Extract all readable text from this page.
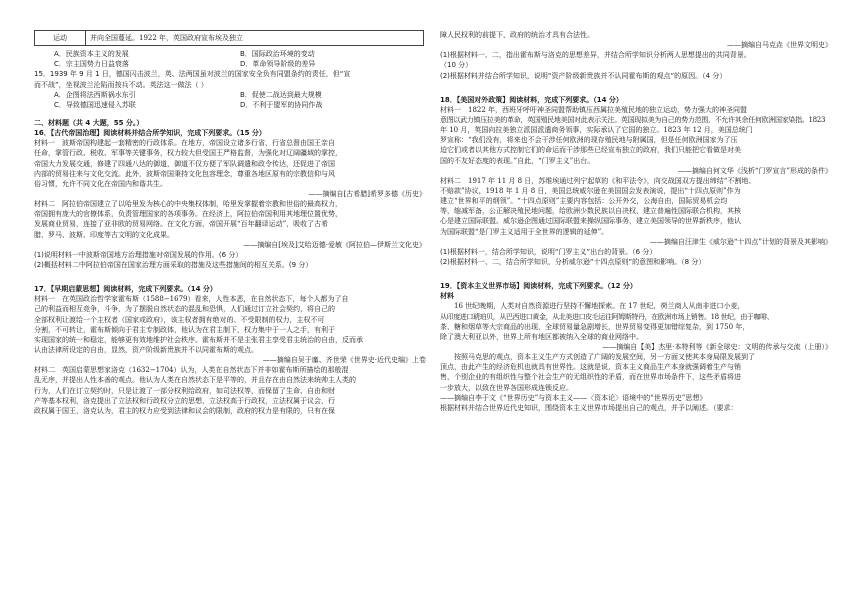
运动	并向全国蔓延。1922 年，英国政府宣布埃及独立
A．民族资本主义的发展	B．国际政治环境的变动
C．宗主国势力日益衰落	D．革命领导阶级的差异

15．1939 年 9 月 1 日，德国闪击波兰，英、法两国虽对波兰的国家安全负有同盟条约的责任，但“宣

而不战”，坐视波兰沦陷而按兵不动。英法这一做法（ ）

A．企图将法西斯祸水东引	B．促使二战达到最大规模
C．导致德国迅速侵入苏联	D．不利于盟军的协同作战

二、材料题（共 4 大题，55 分。）

16．【古代帝国治理】阅读材料并结合所学知识，完成下列要求。（15 分）

材料一　波斯帝国构建起一套精密的行政体系。在地方，帝国设立诸多行省，行省总督由国王亲自

任命，掌管行政、税收、军事等关键事务，权力较大但受国王严格监督，为强化对辽阔疆域的掌控，

帝国大力发展交通，修建了四通八达的御道，御道不仅方便了军队调遣和政令传达，还促进了帝国

内部的贸易往来与文化交流。此外，波斯帝国秉持文化包容理念，尊重各地区原有的宗教信仰与风

俗习惯，允许不同文化在帝国内和谐共生。

——摘编自[古希腊]希罗多德《历史》

材料二　阿拉伯帝国建立了以哈里发为核心的中央集权体制，哈里发掌握着宗教和世俗的最高权力，

帝国拥有庞大的官僚体系，负责管理国家的各项事务。在经济上，阿拉伯帝国利用其地理位置优势，

发展商业贸易，连接了亚非欧的贸易网络。在文化方面，帝国开展“百年翻译运动”，吸收了古希

腊、罗马、波斯、印度等古文明的文化成果。

——摘编自[埃及]艾哈迈德·爱敏《阿拉伯—伊斯兰文化史》

(1)说明材料一中波斯帝国地方治理措施对帝国发展的作用。(6 分）

(2)概括材料二中阿拉伯帝国在国家治理方面采取的措施及这些措施间的相互关系。(9 分）

17．【早期启蒙思想】阅读材料，完成下列要求。（14 分）

材料一　在英国政治哲学家霍布斯（1588−1679）看来，人性本恶，在自然状态下，每个人都为了自

己的利益而相互竞争，斗争，为了摆脱自然状态的混乱和恐惧，人们通过订立社会契约，将自己的

全部权利让渡给一个主权者（国家或政府），该主权者拥有绝对的、不受限制的权力，主权不可

分割，不可转让，霍布斯倾向于君主专制政体，他认为在君主制下，权力集中于一人之手，有利于

实现国家的统一和稳定，能够更有效地维护社会秩序。霍布斯并不是主张君主享受君主统治的自由，反而承

认由法律所设定的自由，显然，资产阶级新贵族并不以同霍布斯的观点。

——摘编自吴于廑、齐世荣《世界史·近代史编》上卷

材料二　英国启蒙思想家洛克（1632−1704）认为，人类在自然状态下并非如霍布斯所描绘的那般混

乱无序，并提出人性本善的观点。他认为人类在自然状态下是平等的，并且存在由自然法来统帅主人类的

行为，人们在订立契约时，只是让渡了一部分权利给政府，如司法权等，而保留了生命、自由和财

产等基本权利，洛克提出了立法权和行政权分立的思想，立法权高于行政权，立法权属于议会，行

政权属于国王，洛克认为，君主的权力应受到法律和议会的限制，政府的权力是有限的，只有在保

障人民权利的前提下，政府的统治才具有合法性。

——摘编自马克垚《世界文明史》

(1)根据材料一、二，指出霍布斯与洛克的思想差异，并结合所学知识分析两人思想提出的共同背景。

（10 分）

(2)根据材料并结合所学知识，说明“资产阶级新贵族并不认同霍布斯的观点”的原因。（4 分）

18．【美国对外政策】阅读材料，完成下列要求。（14 分）

材料一　1822 年，西班牙呼吁神圣同盟帮助镇压西属拉美殖民地的独立运动，势力强大的神圣同盟

意图以武力镇压拉美的革命，英国殖民地美国对此表示关注。英国现拟美为自己的势力范围，不允许其余任何欧洲国家染指。1823

年 10 月，英国向拉美独立派国派遣商务领事，实际承认了它国的独立。1823 年 12 月，美国总统门

罗宣称：“我们没有，将来也不会干涉任何欧洲的现存殖民地与附属国，但是任何欧洲国家为了压

迫它们或者以其他方式控制它们的命运而干涉那些已经宣布独立的政府，我们只能把它看做是对美

国的不友好态度的表现。”自此，“门罗主义”出台。

——摘编自何文华《浅析“门罗宣言”形成的条件》

材料二　1917 年 11 月 8 日，苏维埃通过列宁起草的《和平法令》，向交战国双方提出缔结“不割地、

不赔款”协议，1918 年 1 月 8 日，美国总统威尔逊在美国国会发表演说，提出“十四点原则”作为

建立“世界和平的纲领”。“十四点原则”主要内容包括：公开外交，公海自由，国际贸易机会均

等，缩减军备，公正解决殖民地问题，给欧洲少数民族以自决权，建立普遍性国际联合机构，其核

心是建立国际联盟。威尔逊企图通过国际联盟来操纵国际事务，建立美国领导的世界新秩序，他认

为国际联盟“是门罗主义适用于全世界的逻辑的延伸”。

——摘编自汪津生《威尔逊“十四点”计划的背景及其影响》

(1)根据材料一，结合所学知识，说明“门罗主义”出台的背景。（6 分）

(2)根据材料一、二，结合所学知识，分析威尔逊“十四点原则”的意图和影响。（8 分）

19．【资本主义世界市场】阅读材料，完成下列要求。（12 分）

材料

16 世纪晚期，人类对自然资源进行坚持不懈地探索。在 17 世纪，荷兰商人从南非进口小麦，

从印度进口琥珀贝，从巴西进口黄金，从北美进口皮毛运往阿姆斯特丹，在欧洲市场上销售。18 世纪，由于咖啡、

茶、糖和烟草等大宗商品的出现，全球贸易量急剧增长，世界贸易变得更加错综复杂，到 1750 年，

除了澳大利亚以外，世界上所有地区都被纳入全球的商业网络中。

——摘编自【美】杰里·本特利等《新全球史：文明的传承与交流（上册）》

按照马克思的观点，资本主义生产方式创造了广阔的发展空间，另一方面又使其本身局限发展到了

顶点，由此产生的经济危机也就具有世界性。这就是说，资本主义商品生产本身就强调着生产与销

售，个别企业的有组织性与整个社会生产的无组织性的矛盾，而在世界市场条件下，这些矛盾将进

一步放大，以致在世界各国形成连锁反应。

——摘编自李于文《“世界历史”与资本主义——〈资本论〉语境中的“世界历史”思想》

根据材料并结合世界近代史知识，围绕资本主义世界市场提出自己的观点，并予以阐述。（要求：
